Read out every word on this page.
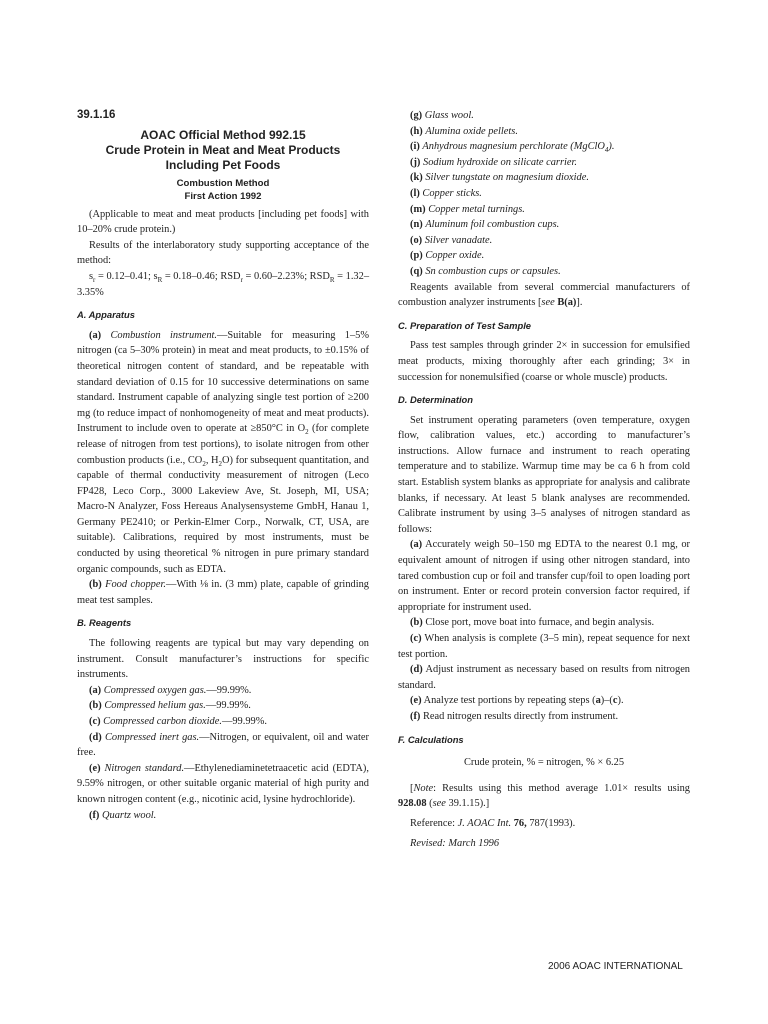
39.1.16
AOAC Official Method 992.15
Crude Protein in Meat and Meat Products
Including Pet Foods
Combustion Method
First Action 1992

(Applicable to meat and meat products [including pet foods] with 10–20% crude protein.)

Results of the interlaboratory study supporting acceptance of the method:

$s_r = 0.12-0.41$; $s_R = 0.18-0.46$; $RSD_r = 0.60-2.23\%$; $RSD_R = 1.32-3.35\%$

A. Apparatus

(a) Combustion instrument.—Suitable for measuring 1–5% nitrogen (ca 5–30% protein) in meat and meat products, to ±0.15% of theoretical nitrogen content of standard, and be repeatable with standard deviation of 0.15 for 10 successive determinations on same standard. Instrument capable of analyzing single test portion of ≥200 mg (to reduce impact of nonhomogeneity of meat and meat products). Instrument to include oven to operate at ≥850°C in $O_2$ (for complete release of nitrogen from test portions), to isolate nitrogen from other combustion products (i.e., $CO_2$, $H_2O$) for subsequent quantitation, and capable of thermal conductivity measurement of nitrogen (Leco FP428, Leco Corp., 3000 Lakeview Ave, St. Joseph, MI, USA; Macro-N Analyzer, Foss Hereaus Analysensysteme GmbH, Hanau 1, Germany PE2410; or Perkin-Elmer Corp., Norwalk, CT, USA, are suitable). Calibrations, required by most instruments, must be conducted by using theoretical % nitrogen in pure primary standard organic compounds, such as EDTA.

(b) Food chopper.—With ⅛ in. (3 mm) plate, capable of grinding meat test samples.

B. Reagents

The following reagents are typical but may vary depending on instrument. Consult manufacturer’s instructions for specific instruments.

(a) Compressed oxygen gas.—99.99%.

(b) Compressed helium gas.—99.99%.

(c) Compressed carbon dioxide.—99.99%.

(d) Compressed inert gas.—Nitrogen, or equivalent, oil and water free.

(e) Nitrogen standard.—Ethylenediaminetetraacetic acid (EDTA), 9.59% nitrogen, or other suitable organic material of high purity and known nitrogen content (e.g., nicotinic acid, lysine hydrochloride).

(f) Quartz wool.

(g) Glass wool.

(h) Alumina oxide pellets.

(i) Anhydrous magnesium perchlorate (MgClO$_4$).

(j) Sodium hydroxide on silicate carrier.

(k) Silver tungstate on magnesium dioxide.

(l) Copper sticks.

(m) Copper metal turnings.

(n) Aluminum foil combustion cups.

(o) Silver vanadate.

(p) Copper oxide.

(q) Sn combustion cups or capsules.

Reagents available from several commercial manufacturers of combustion analyzer instruments [see B(a)].

C. Preparation of Test Sample

Pass test samples through grinder 2× in succession for emulsified meat products, mixing thoroughly after each grinding; 3× in succession for nonemulsified (coarse or whole muscle) products.

D. Determination

Set instrument operating parameters (oven temperature, oxygen flow, calibration values, etc.) according to manufacturer’s instructions. Allow furnace and instrument to reach operating temperature and to stabilize. Warmup time may be ca 6 h from cold start. Establish system blanks as appropriate for analysis and calibrate blanks, if necessary. At least 5 blank analyses are recommended. Calibrate instrument by using 3–5 analyses of nitrogen standard as follows:

(a) Accurately weigh 50–150 mg EDTA to the nearest 0.1 mg, or equivalent amount of nitrogen if using other nitrogen standard, into tared combustion cup or foil and transfer cup/foil to open loading port on instrument. Enter or record protein conversion factor required, if appropriate for instrument used.

(b) Close port, move boat into furnace, and begin analysis.

(c) When analysis is complete (3–5 min), repeat sequence for next test portion.

(d) Adjust instrument as necessary based on results from nitrogen standard.

(e) Analyze test portions by repeating steps (a)–(c).

(f) Read nitrogen results directly from instrument.

F. Calculations
Crude protein, % = nitrogen, % × 6.25

[Note: Results using this method average 1.01× results using 928.08 (see 39.1.15).]

Reference: J. AOAC Int. 76, 787(1993).

Revised: March 1996

2006 AOAC INTERNATIONAL
